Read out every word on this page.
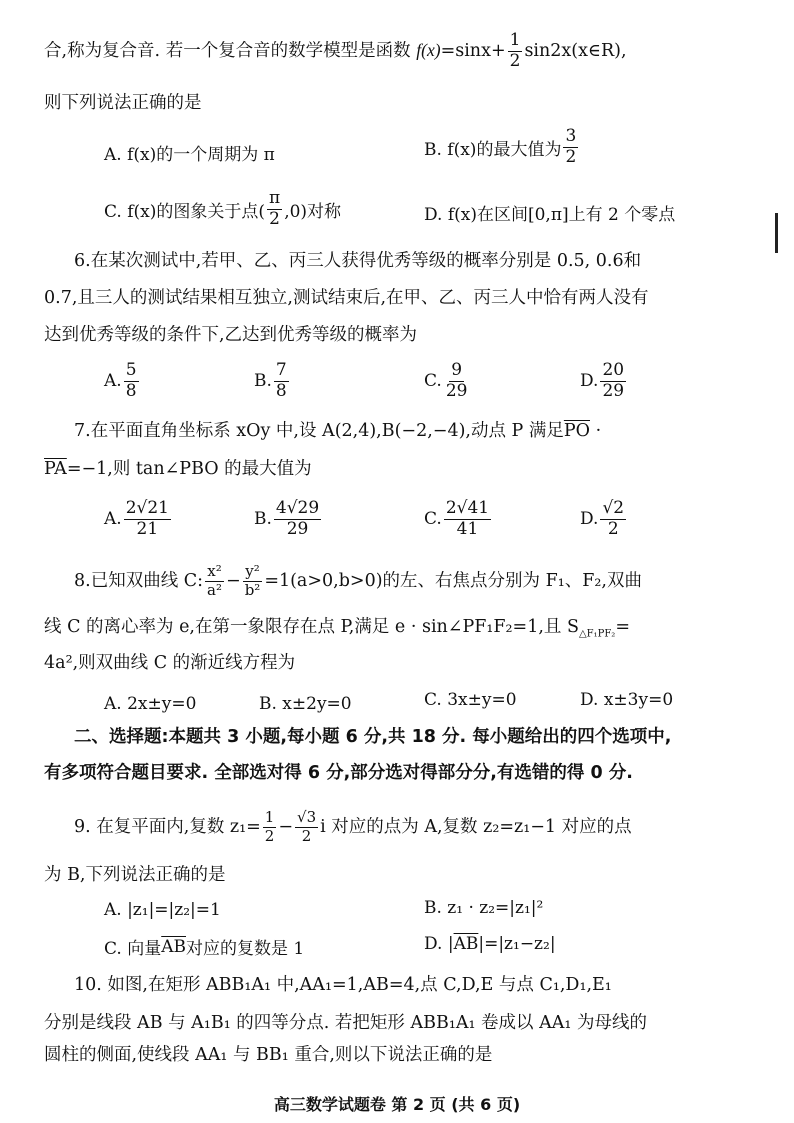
合,称为复合音. 若一个复合音的数学模型是函数 $f(x)=\sin x+ \frac{1}{2}$ sin2x(x∈R),
则下列说法正确的是
A. f(x)的一个周期为 π	B. f(x)的最大值为 $\frac{3}{2}$
C. f(x)的图象关于点( $\frac{\pi}{2} ,0$)对称	D. f(x)在区间[0,π]上有 2 个零点
6.在某次测试中,若甲、乙、丙三人获得优秀等级的概率分别是 0.5, 0.6和
0.7,且三人的测试结果相互独立,测试结束后,在甲、乙、丙三人中恰有两人没有
达到优秀等级的条件下,乙达到优秀等级的概率为
A. $\frac{5}{8}$	B. $\frac{7}{8}$	C. $\frac{9}{29}$	D. $\frac{20}{29}$
7.在平面直角坐标系 xOy 中,设 A(2,4),B(−2,−4),动点 P 满足$\overline{PO}$ ·
$\overline{PA}=-1$,则 tan∠PBO 的最大值为
A. $\frac{2√21}{21}$	B. $\frac{4√29}{29}$	C. $\frac{2√41}{41}$	D. $\frac{√2}{2}$
8.已知双曲线 C: $\frac{\text{x²}}{\text{a²}} - \frac{\text{y²}}{\text{b²}} =1(a>0,b>0)$的左、右焦点分别为 F₁、F₂,双曲
线 C 的离心率为 e,在第一象限存在点 P,满足 e · sin∠PF₁F₂=1,且 $S_{\triangle F_1PF_2}=$
4a²,则双曲线 C 的渐近线方程为
A. 2x±y=0	B. x±2y=0	C. 3x±y=0	D. x±3y=0
二、选择题:本题共 3 小题,每小题 6 分,共 18 分. 每小题给出的四个选项中,
有多项符合题目要求. 全部选对得 6 分,部分选对得部分分,有选错的得 0 分.
9. 在复平面内,复数 $z_1= \frac{1}{2} - \frac{√3}{2}$ i 对应的点为 A,复数 z₂=z₁−1 对应的点
为 B,下列说法正确的是
A. |z₁|=|z₂|=1	B. z₁ · z₂=|z₁|²
C. 向量 $\overline{AB}$ 对应的复数是 1	D. | $\overline{AB}$ |=|z₁−z₂|
10. 如图,在矩形 ABB₁A₁ 中,AA₁=1,AB=4,点 C,D,E 与点 C₁,D₁,E₁
分别是线段 AB 与 A₁B₁ 的四等分点. 若把矩形 ABB₁A₁ 卷成以 AA₁ 为母线的
圆柱的侧面,使线段 AA₁ 与 BB₁ 重合,则以下说法正确的是
高三数学试题卷 第 2 页 (共 6 页)
